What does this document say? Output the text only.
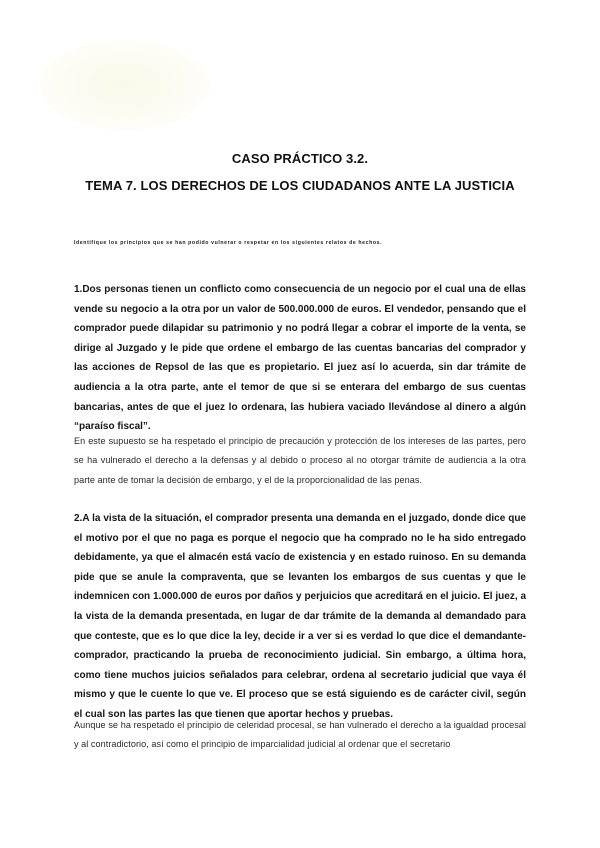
CASO PRÁCTICO 3.2.
TEMA 7. LOS DERECHOS DE LOS CIUDADANOS ANTE LA JUSTICIA
Identifique los principios que se han podido vulnerar o respetar en los siguientes relatos de hechos.

1.Dos personas tienen un conflicto como consecuencia de un negocio por el cual una de ellas vende su negocio a la otra por un valor de 500.000.000 de euros. El vendedor, pensando que el comprador puede dilapidar su patrimonio y no podrá llegar a cobrar el importe de la venta, se dirige al Juzgado y le pide que ordene el embargo de las cuentas bancarias del comprador y las acciones de Repsol de las que es propietario. El juez así lo acuerda, sin dar trámite de audiencia a la otra parte, ante el temor de que si se enterara del embargo de sus cuentas bancarias, antes de que el juez lo ordenara, las hubiera vaciado llevándose al dinero a algún “paraíso fiscal”.

En este supuesto se ha respetado el principio de precaución y protección de los intereses de las partes, pero se ha vulnerado el derecho a la defensas y al debido o proceso al no otorgar trámite de audiencia a la otra parte ante de tomar la decisión de embargo, y el de la proporcionalidad de las penas.

2.A la vista de la situación, el comprador presenta una demanda en el juzgado, donde dice que el motivo por el que no paga es porque el negocio que ha comprado no le ha sido entregado debidamente, ya que el almacén está vacío de existencia y en estado ruinoso. En su demanda pide que se anule la compraventa, que se levanten los embargos de sus cuentas y que le indemnicen con 1.000.000 de euros por daños y perjuicios que acreditará en el juicio. El juez, a la vista de la demanda presentada, en lugar de dar trámite de la demanda al demandado para que conteste, que es lo que dice la ley, decide ir a ver si es verdad lo que dice el demandante-comprador, practicando la prueba de reconocimiento judicial. Sin embargo, a última hora, como tiene muchos juicios señalados para celebrar, ordena al secretario judicial que vaya él mismo y que le cuente lo que ve. El proceso que se está siguiendo es de carácter civil, según el cual son las partes las que tienen que aportar hechos y pruebas.

Aunque se ha respetado el principio de celeridad procesal, se han vulnerado el derecho a la igualdad procesal y al contradictorio, así como el principio de imparcialidad judicial al ordenar que el secretario
